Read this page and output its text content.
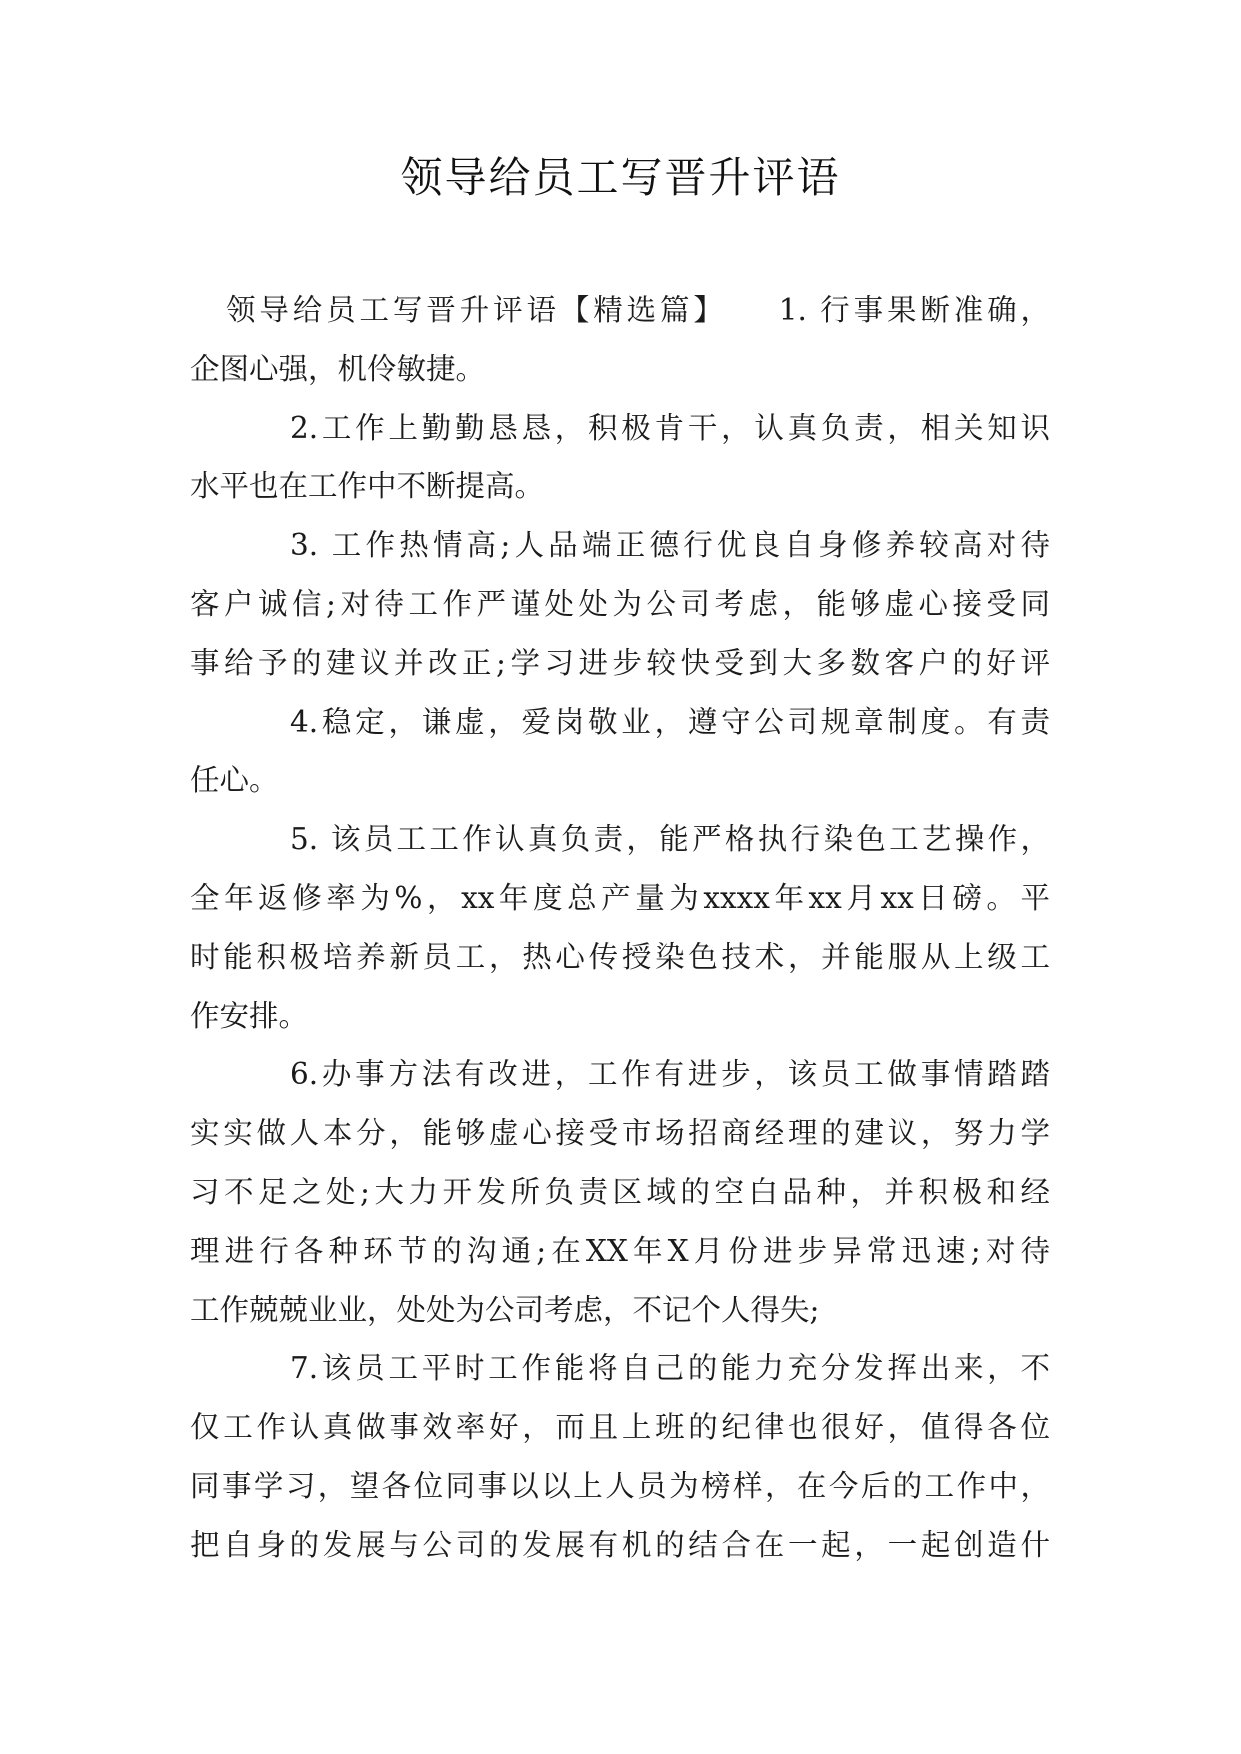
领导给员工写晋升评语
领导给员工写晋升评语【精选篇】　　1. 行事果断准确，
企图心强，机伶敏捷。
2.工作上勤勤恳恳，积极肯干，认真负责，相关知识
水平也在工作中不断提高。
3. 工作热情高;人品端正德行优良自身修养较高对待
客户诚信;对待工作严谨处处为公司考虑，能够虚心接受同
事给予的建议并改正;学习进步较快受到大多数客户的好评
4.稳定，谦虚，爱岗敬业，遵守公司规章制度。有责
任心。
5. 该员工工作认真负责，能严格执行染色工艺操作，
全年返修率为%，xx年度总产量为xxxx年xx月xx日磅。平
时能积极培养新员工，热心传授染色技术，并能服从上级工
作安排。
6.办事方法有改进，工作有进步，该员工做事情踏踏
实实做人本分，能够虚心接受市场招商经理的建议，努力学
习不足之处;大力开发所负责区域的空白品种，并积极和经
理进行各种环节的沟通;在XX年X月份进步异常迅速;对待
工作兢兢业业，处处为公司考虑，不记个人得失;
7.该员工平时工作能将自己的能力充分发挥出来，不
仅工作认真做事效率好，而且上班的纪律也很好，值得各位
同事学习，望各位同事以以上人员为榜样，在今后的工作中，
把自身的发展与公司的发展有机的结合在一起，一起创造什
